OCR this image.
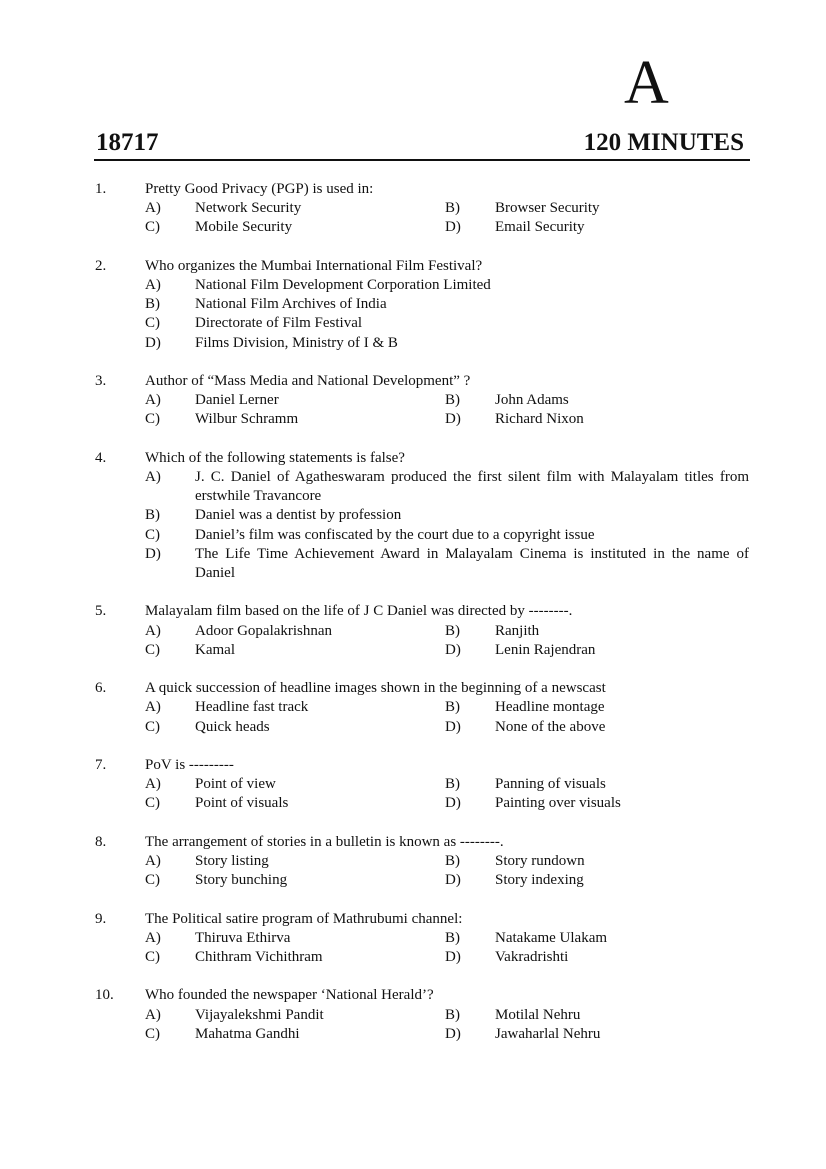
A
18717	120 MINUTES
1.	Pretty Good Privacy (PGP) is used in:
A)	Network Security	B)	Browser Security
C)	Mobile Security	D)	Email Security
2.	Who organizes the Mumbai International Film Festival?
A)	National Film Development Corporation Limited
B)	National Film Archives of India
C)	Directorate of Film Festival
D)	Films Division, Ministry of I & B
3.	Author of “Mass Media and National Development” ?
A)	Daniel Lerner	B)	John Adams
C)	Wilbur Schramm	D)	Richard Nixon
4.	Which of the following statements is false?
A)	J. C. Daniel of Agatheswaram produced the first silent film with Malayalam titles from erstwhile Travancore
B)	Daniel was a dentist by profession
C)	Daniel’s film was confiscated by the court due to a copyright issue
D)	The Life Time Achievement Award in Malayalam Cinema is instituted in the name of Daniel
5.	Malayalam film based on the life of J C Daniel was directed by --------.
A)	Adoor Gopalakrishnan	B)	Ranjith
C)	Kamal	D)	Lenin Rajendran
6.	A quick succession of headline images shown in the beginning of a newscast
A)	Headline fast track	B)	Headline montage
C)	Quick heads	D)	None of the above
7.	PoV is ---------
A)	Point of view	B)	Panning of visuals
C)	Point of visuals	D)	Painting over visuals
8.	The arrangement of stories in a bulletin is known as --------.
A)	Story listing	B)	Story rundown
C)	Story bunching	D)	Story indexing
9.	The Political satire program of Mathrubumi channel:
A)	Thiruva Ethirva	B)	Natakame Ulakam
C)	Chithram Vichithram	D)	Vakradrishti
10.	Who founded the newspaper ‘National Herald’?
A)	Vijayalekshmi Pandit	B)	Motilal Nehru
C)	Mahatma Gandhi	D)	Jawaharlal Nehru
